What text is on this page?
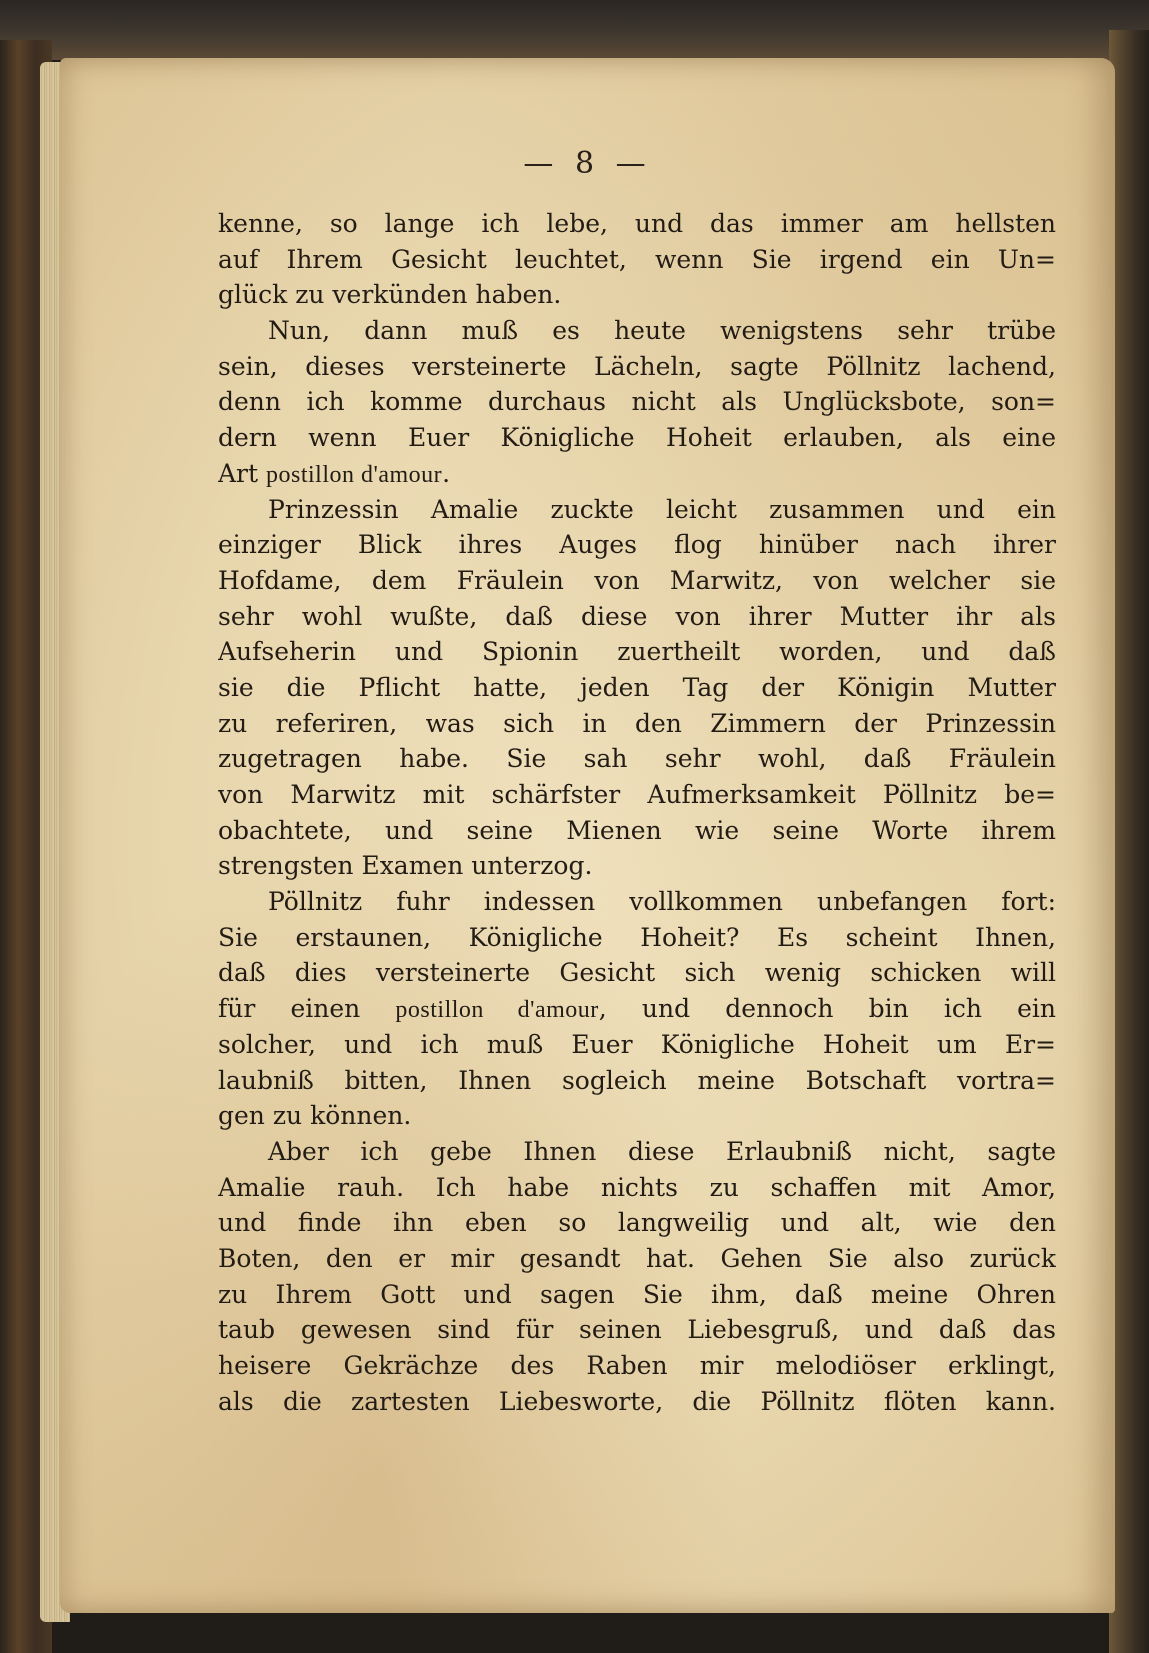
— 8 —
kenne, so lange ich lebe, und das immer am hellsten
auf Ihrem Gesicht leuchtet, wenn Sie irgend ein Un=
glück zu verkünden haben.
Nun, dann muß es heute wenigstens sehr trübe
sein, dieses versteinerte Lächeln, sagte Pöllnitz lachend,
denn ich komme durchaus nicht als Unglücksbote, son=
dern wenn Euer Königliche Hoheit erlauben, als eine
Art postillon d'amour.
Prinzessin Amalie zuckte leicht zusammen und ein
einziger Blick ihres Auges flog hinüber nach ihrer
Hofdame, dem Fräulein von Marwitz, von welcher sie
sehr wohl wußte, daß diese von ihrer Mutter ihr als
Aufseherin und Spionin zuertheilt worden, und daß
sie die Pflicht hatte, jeden Tag der Königin Mutter
zu referiren, was sich in den Zimmern der Prinzessin
zugetragen habe. Sie sah sehr wohl, daß Fräulein
von Marwitz mit schärfster Aufmerksamkeit Pöllnitz be=
obachtete, und seine Mienen wie seine Worte ihrem
strengsten Examen unterzog.
Pöllnitz fuhr indessen vollkommen unbefangen fort:
Sie erstaunen, Königliche Hoheit? Es scheint Ihnen,
daß dies versteinerte Gesicht sich wenig schicken will
für einen postillon d'amour, und dennoch bin ich ein
solcher, und ich muß Euer Königliche Hoheit um Er=
laubniß bitten, Ihnen sogleich meine Botschaft vortra=
gen zu können.
Aber ich gebe Ihnen diese Erlaubniß nicht, sagte
Amalie rauh. Ich habe nichts zu schaffen mit Amor,
und finde ihn eben so langweilig und alt, wie den
Boten, den er mir gesandt hat. Gehen Sie also zurück
zu Ihrem Gott und sagen Sie ihm, daß meine Ohren
taub gewesen sind für seinen Liebesgruß, und daß das
heisere Gekrächze des Raben mir melodiöser erklingt,
als die zartesten Liebesworte, die Pöllnitz flöten kann.
